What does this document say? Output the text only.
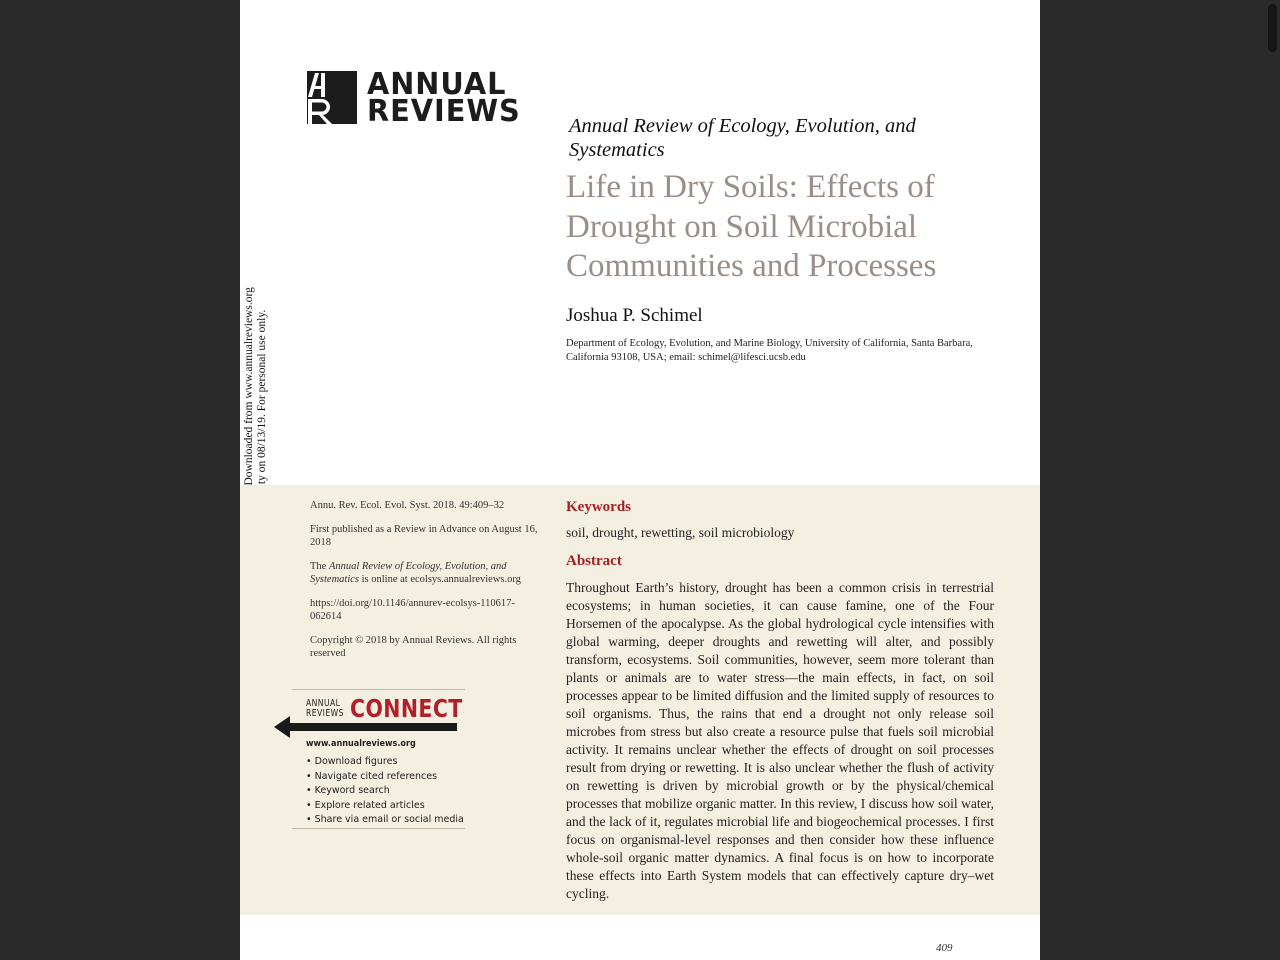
ANNUAL
REVIEWS Annual Review of Ecology, Evolution, and Systematics
Life in Dry Soils: Effects of Drought on Soil Microbial Communities and Processes
Joshua P. Schimel
Department of Ecology, Evolution, and Marine Biology, University of California, Santa Barbara, California 93108, USA; email: schimel@lifesci.ucsb.edu

Annu. Rev. Ecol. Evol. Syst. 2018. 49:409–32

First published as a Review in Advance on August 16, 2018

The Annual Review of Ecology, Evolution, and Systematics is online at ecolsys.annualreviews.org

https://doi.org/10.1146/annurev-ecolsys-110617-062614

Copyright © 2018 by Annual Reviews. All rights reserved

ANNUAL
REVIEWS CONNECT
www.annualreviews.org
• Download figures
• Navigate cited references
• Keyword search
• Explore related articles
• Share via email or social media
Keywords
soil, drought, rewetting, soil microbiology
Abstract

Throughout Earth’s history, drought has been a common crisis in terrestrial ecosystems; in human societies, it can cause famine, one of the Four Horsemen of the apocalypse. As the global hydrological cycle intensifies with global warming, deeper droughts and rewetting will alter, and possibly transform, ecosystems. Soil communities, however, seem more tolerant than plants or animals are to water stress—the main effects, in fact, on soil processes appear to be limited diffusion and the limited supply of resources to soil organisms. Thus, the rains that end a drought not only release soil microbes from stress but also create a resource pulse that fuels soil microbial activity. It remains unclear whether the effects of drought on soil processes result from drying or rewetting. It is also unclear whether the flush of activity on rewetting is driven by microbial growth or by the physical/chemical processes that mobilize organic matter. In this review, I discuss how soil water, and the lack of it, regulates microbial life and biogeochemical processes. I first focus on organismal-level responses and then consider how these influence whole-soil organic matter dynamics. A final focus is on how to incorporate these effects into Earth System models that can effectively capture dry–wet cycling.

409
